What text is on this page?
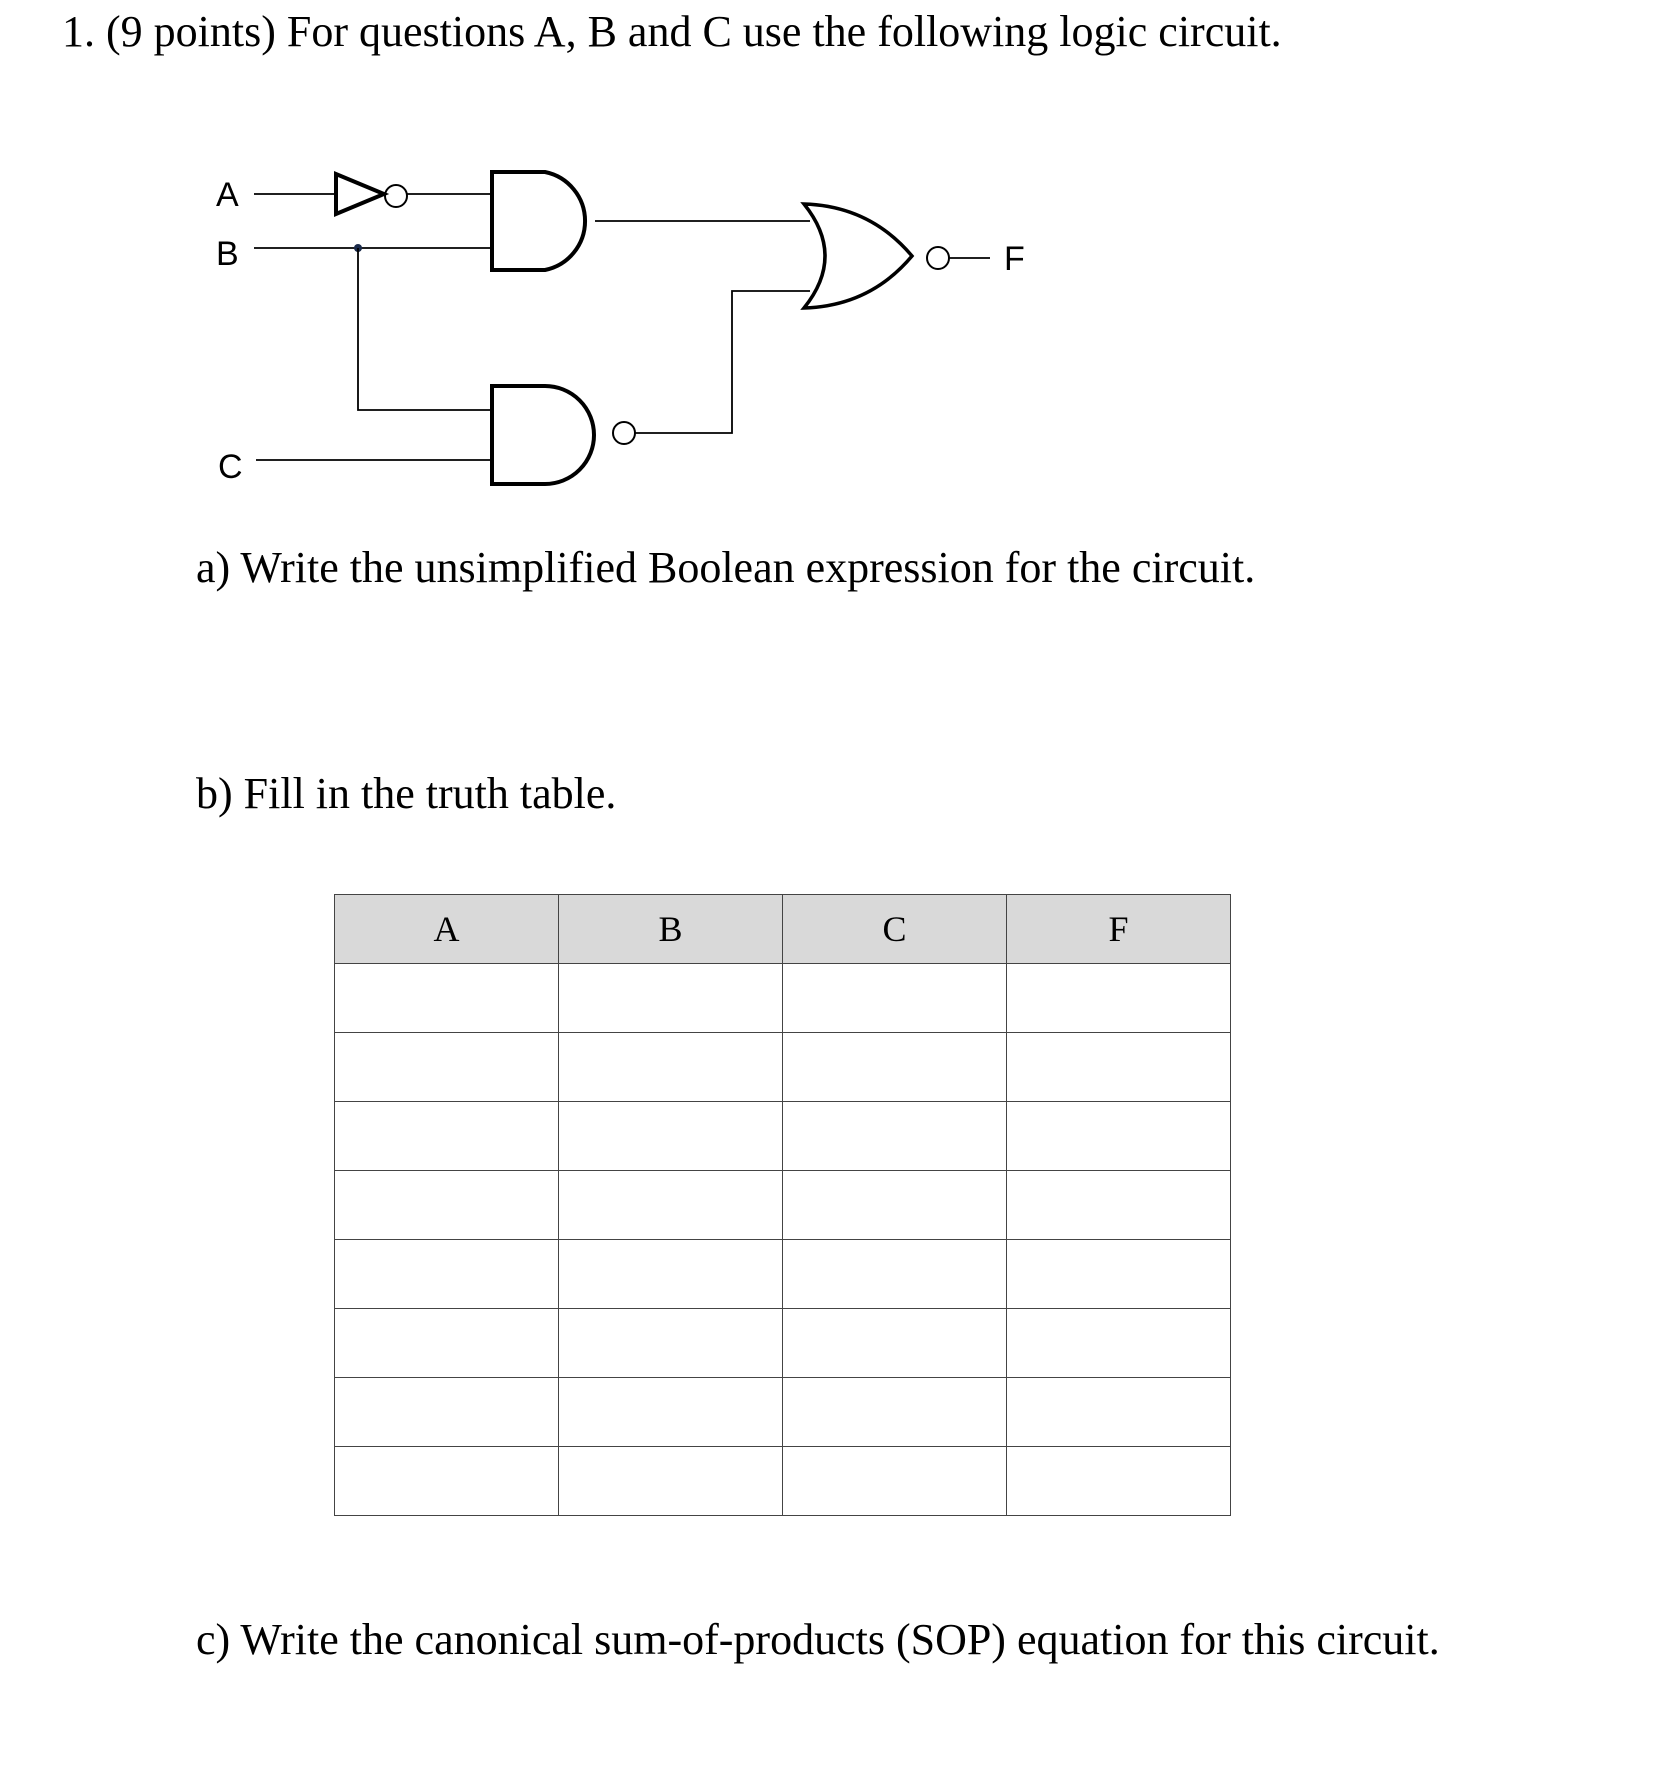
1. (9 points) For questions A, B and C use the following logic circuit.
A
B
C
F
a) Write the unsimplified Boolean expression for the circuit.
b) Fill in the truth table.
A	B	C	F

c) Write the canonical sum-of-products (SOP) equation for this circuit.
